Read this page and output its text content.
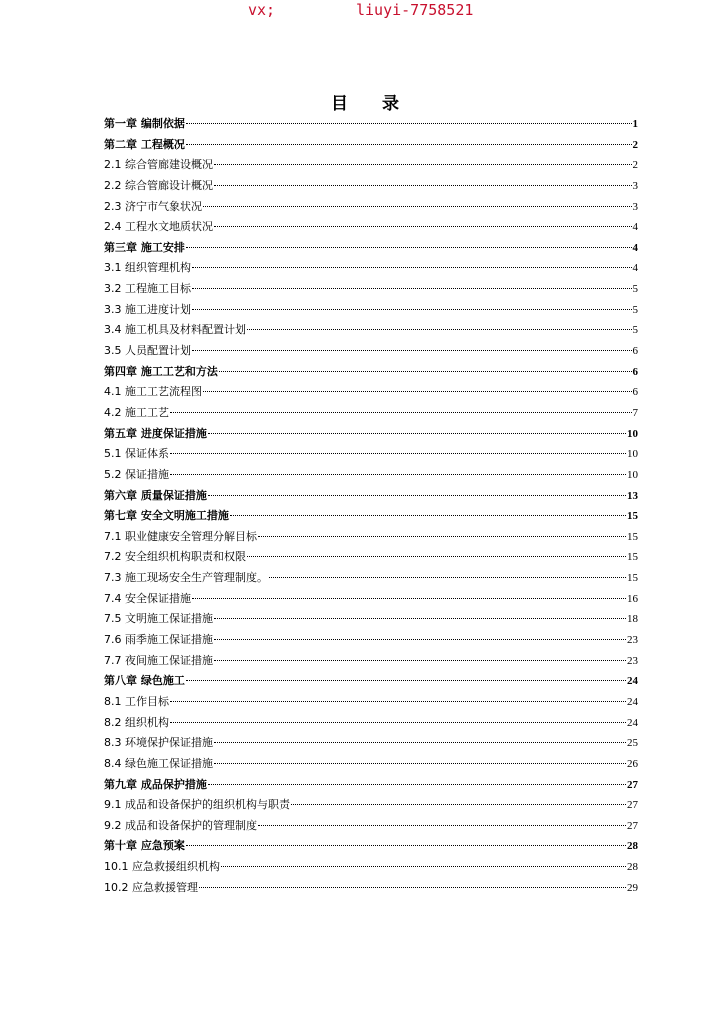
vx;	liuyi-7758521
目 录
第一章 编制依据	1
第二章 工程概况	2
2.1 综合管廊建设概况	2
2.2 综合管廊设计概况	3
2.3 济宁市气象状况	3
2.4 工程水文地质状况	4
第三章 施工安排	4
3.1 组织管理机构	4
3.2 工程施工目标	5
3.3 施工进度计划	5
3.4 施工机具及材料配置计划	5
3.5 人员配置计划	6
第四章 施工工艺和方法	6
4.1 施工工艺流程图	6
4.2 施工工艺	7
第五章 进度保证措施	10
5.1 保证体系	10
5.2 保证措施	10
第六章 质量保证措施	13
第七章 安全文明施工措施	15
7.1 职业健康安全管理分解目标	15
7.2 安全组织机构职责和权限	15
7.3 施工现场安全生产管理制度。	15
7.4 安全保证措施	16
7.5 文明施工保证措施	18
7.6 雨季施工保证措施	23
7.7 夜间施工保证措施	23
第八章 绿色施工	24
8.1 工作目标	24
8.2 组织机构	24
8.3 环境保护保证措施	25
8.4 绿色施工保证措施	26
第九章 成品保护措施	27
9.1 成品和设备保护的组织机构与职责	27
9.2 成品和设备保护的管理制度	27
第十章 应急预案	28
10.1 应急救援组织机构	28
10.2 应急救援管理	29
